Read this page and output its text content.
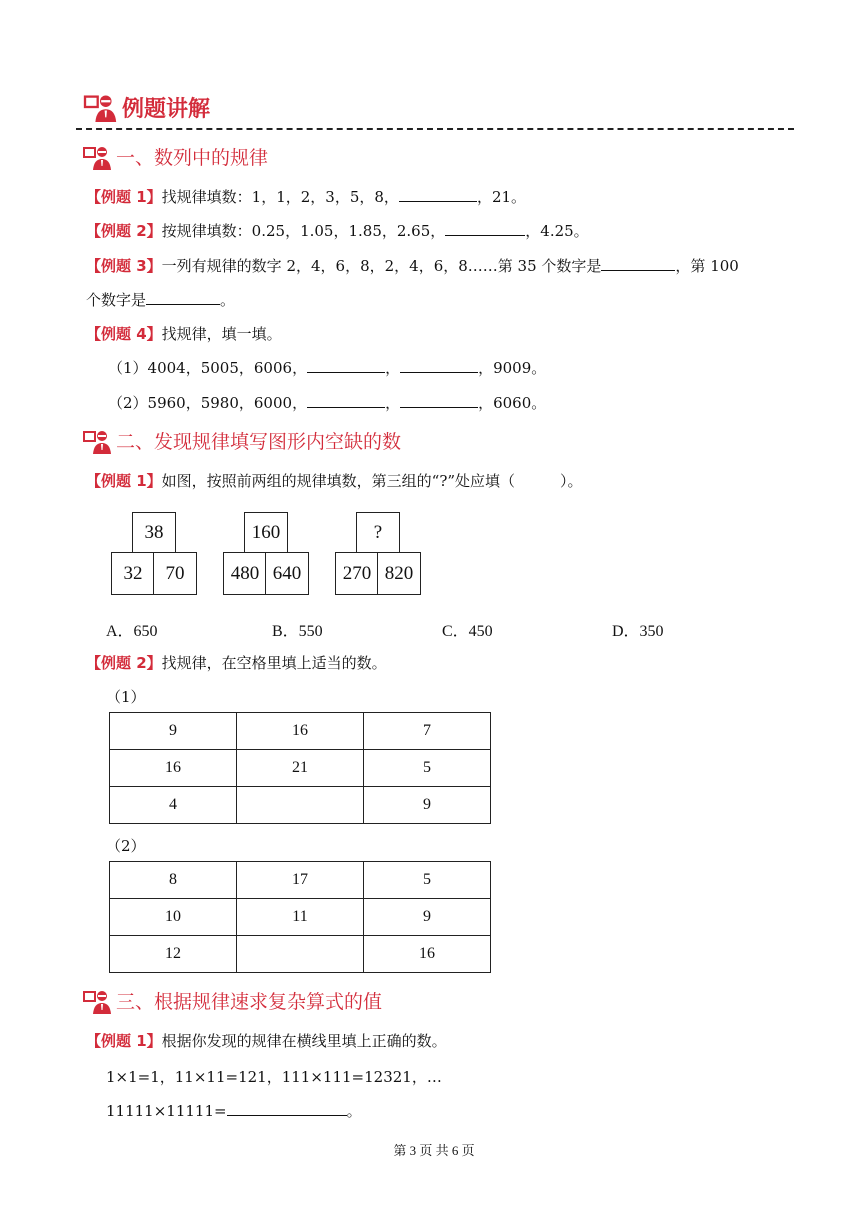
例题讲解
一、数列中的规律
【例题 1】找规律填数：1，1，2，3，5，8，	，21。
【例题 2】按规律填数：0.25，1.05，1.85，2.65，	，4.25。
【例题 3】一列有规律的数字 2，4，6，8，2，4，6，8……第 35 个数字是	，第 100
个数字是	。
【例题 4】找规律，填一填。
（1）4004，5005，6006，	，	，9009。
（2）5960，5980，6000，	，	，6060。
二、发现规律填写图形内空缺的数
【例题 1】如图，按照前两组的规律填数，第三组的“?”处应填（　　　）。
38
32	70
160
480 640
?
270 820
A．650	B．550	C．450	D．350
【例题 2】找规律，在空格里填上适当的数。
（1）
9	16	7
16	21	5
4		9
（2）
8	17	5
10	11	9
12		16
三、根据规律速求复杂算式的值
【例题 1】根据你发现的规律在横线里填上正确的数。
1×1=1，11×11=121，111×111=12321，…
11111×11111=	。
第 3 页 共 6 页
